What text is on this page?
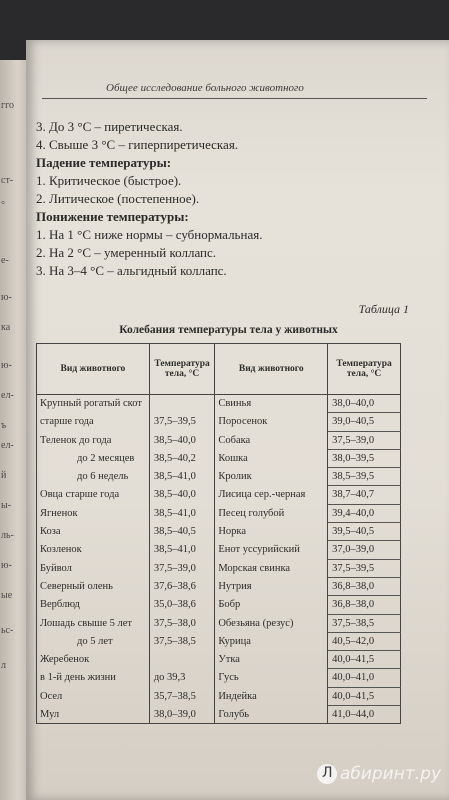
гго
ст-
°
е-
ю-
ка
ю-
ел-
ъ
ел-
й
ы-
ль-
ю-
ые
ьс-
л
Общее исследование больного животного
3. До 3 °С – пиретическая.
4. Свыше 3 °С – гиперпиретическая.
Падение температуры:
1. Критическое (быстрое).
2. Литическое (постепенное).
Понижение температуры:
1. На 1 °С ниже нормы – субнормальная.
2. На 2 °С – умеренный коллапс.
3. На 3–4 °С – альгидный коллапс.
Таблица 1
Колебания температуры тела у животных
Вид животного	Температура тела, °С	Вид животного	Температура тела, °С
Крупный рогатый скот		Свинья	38,0–40,0
старше года	37,5–39,5	Поросенок	39,0–40,5
Теленок до года	38,5–40,0	Собака	37,5–39,0
до 2 месяцев	38,5–40,2	Кошка	38,0–39,5
до 6 недель	38,5–41,0	Кролик	38,5–39,5
Овца старше года	38,5–40,0	Лисица сер.-черная	38,7–40,7
Ягненок	38,5–41,0	Песец голубой	39,4–40,0
Коза	38,5–40,5	Норка	39,5–40,5
Козленок	38,5–41,0	Енот уссурийский	37,0–39,0
Буйвол	37,5–39,0	Морская свинка	37,5–39,5
Северный олень	37,6–38,6	Нутрия	36,8–38,0
Верблюд	35,0–38,6	Бобр	36,8–38,0
Лошадь свыше 5 лет	37,5–38,0	Обезьяна (резус)	37,5–38,5
до 5 лет	37,5–38,5	Курица	40,5–42,0
Жеребенок		Утка	40,0–41,5
в 1-й день жизни	до 39,3	Гусь	40,0–41,0
Осел	35,7–38,5	Индейка	40,0–41,5
Мул	38,0–39,0	Голубь	41,0–44,0
Лабиринт.ру
